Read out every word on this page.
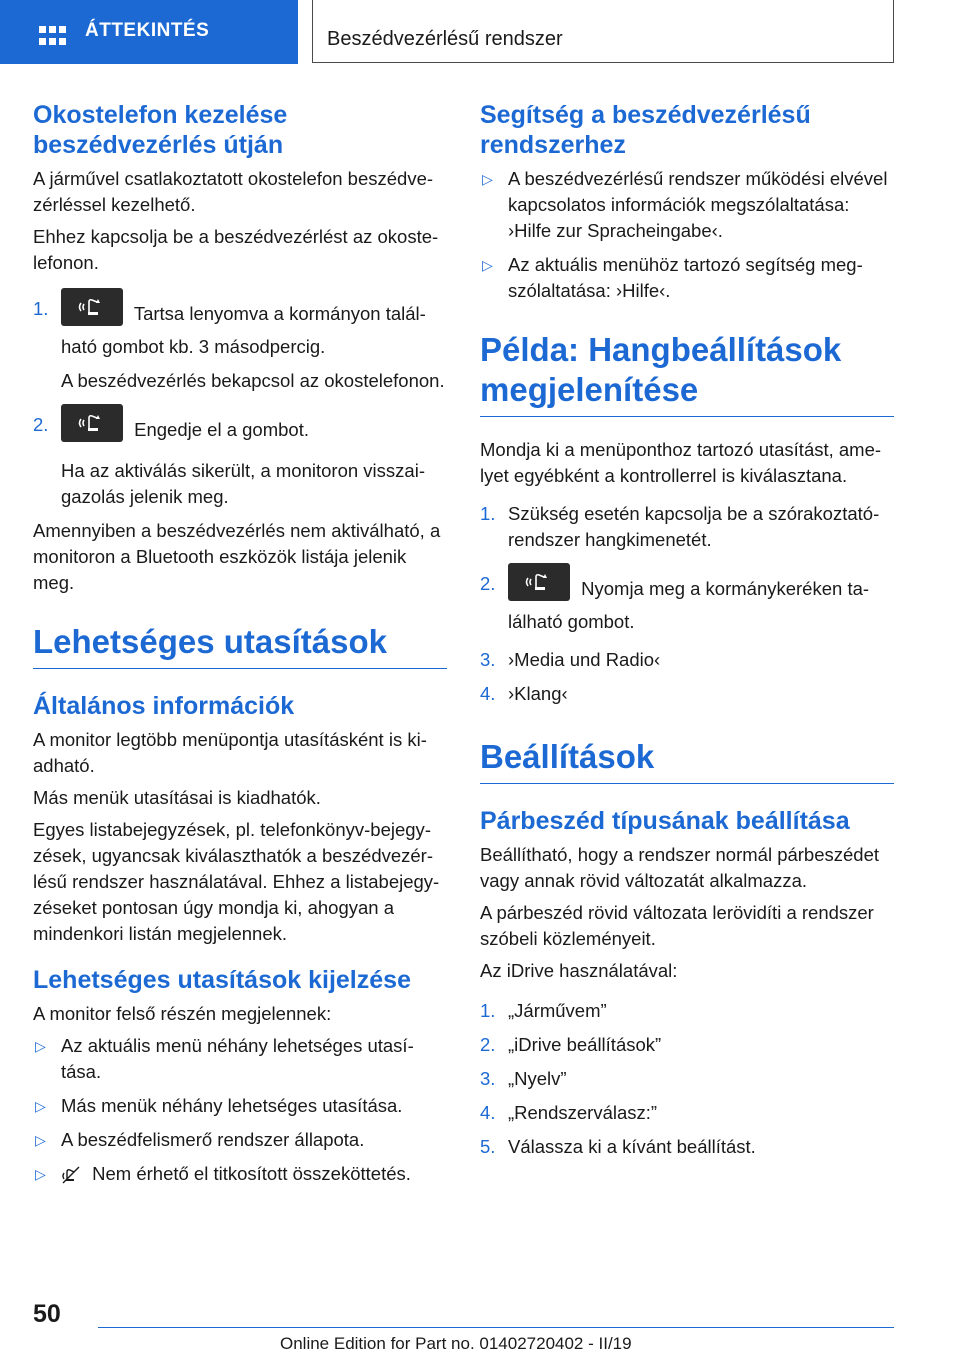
ÁTTEKINTÉS	Beszédvezérlésű rendszer
Okostelefon kezelése beszédvezérlés útján

A járművel csatlakoztatott okostelefon beszédvezérléssel kezelhető.

Ehhez kapcsolja be a beszédvezérlést az okostelefonon.

1.	Tartsa lenyomva a kormányon található gombot kb. 3 másodpercig.

A beszédvezérlés bekapcsol az okostelefonon.

2.	Engedje el a gombot.

Ha az aktiválás sikerült, a monitoron visszaigazolás jelenik meg.

Amennyiben a beszédvezérlés nem aktiválható, a monitoron a Bluetooth eszközök listája jelenik meg.

Lehetséges utasítások
Általános információk

A monitor legtöbb menüpontja utasításként is kiadható.

Más menük utasításai is kiadhatók.

Egyes listabejegyzések, pl. telefonkönyv-bejegyzések, ugyancsak kiválaszthatók a beszédvezérlésű rendszer használatával. Ehhez a listabejegyzéseket pontosan úgy mondja ki, ahogyan a mindenkori listán megjelennek.

Lehetséges utasítások kijelzése

A monitor felső részén megjelennek:

▷ Az aktuális menü néhány lehetséges utasítása.
▷ Más menük néhány lehetséges utasítása.
▷ A beszédfelismerő rendszer állapota.
▷	Nem érhető el titkosított összeköttetés.
Segítség a beszédvezérlésű rendszerhez
▷ A beszédvezérlésű rendszer működési elvével kapcsolatos információk megszólaltatása: ›Hilfe zur Spracheingabe‹.
▷ Az aktuális menühöz tartozó segítség megszólaltatása: ›Hilfe‹.
Példa: Hangbeállítások megjelenítése

Mondja ki a menüponthoz tartozó utasítást, amelyet egyébként a kontrollerrel is kiválasztana.

1. Szükség esetén kapcsolja be a szórakoztatórendszer hangkimenetét.
2.	Nyomja meg a kormánykeréken található gombot.
3. ›Media und Radio‹
4. ›Klang‹
Beállítások
Párbeszéd típusának beállítása

Beállítható, hogy a rendszer normál párbeszédet vagy annak rövid változatát alkalmazza.

A párbeszéd rövid változata lerövidíti a rendszer szóbeli közleményeit.

Az iDrive használatával:

1. „Járművem”
2. „iDrive beállítások”
3. „Nyelv”
4. „Rendszerválasz:”
5. Válassza ki a kívánt beállítást.
50
Online Edition for Part no. 01402720402 - II/19
